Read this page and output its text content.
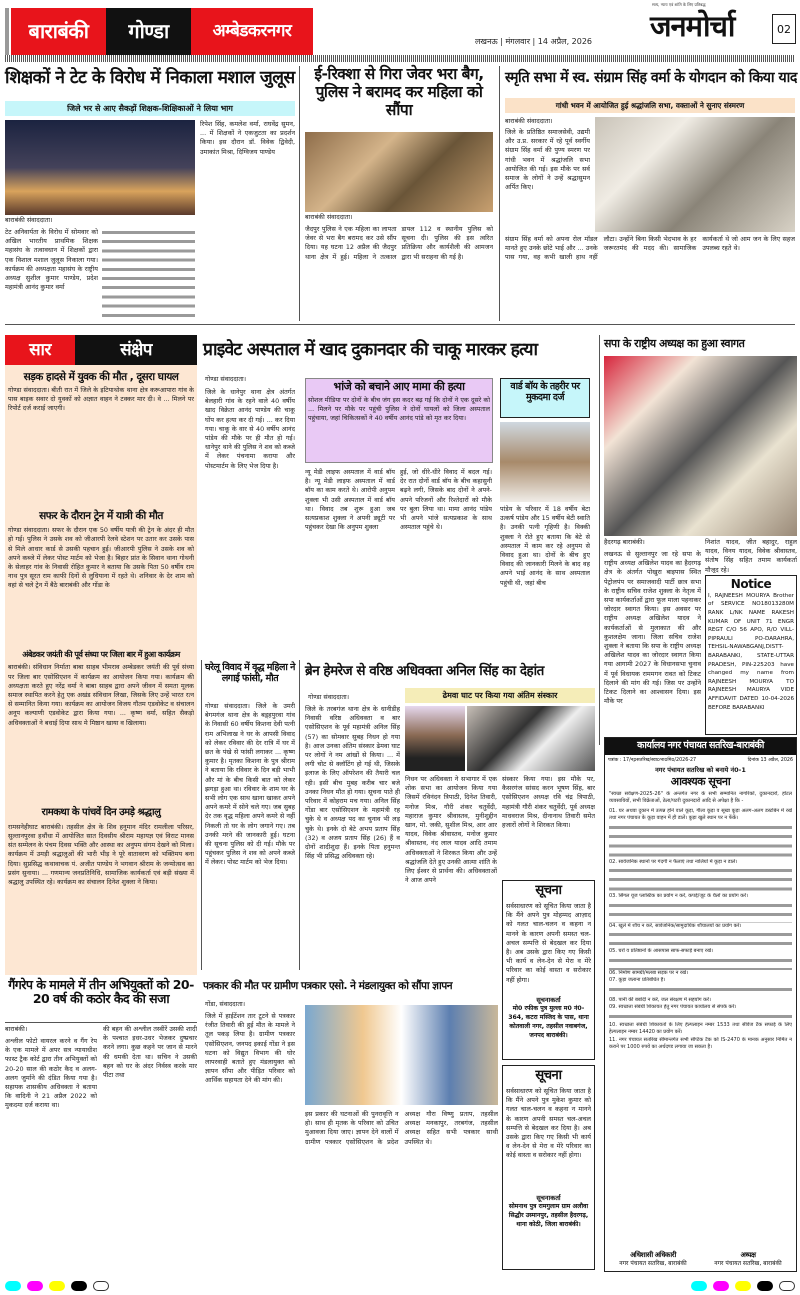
बाराबंकी	गोण्डा	अम्बेडकरनगर
लखनऊ | मंगलवार | 14 अप्रैल, 2026
सत्य, न्याय एवं शांति के लिए प्रतिबद्ध
जनमोर्चा	02
शिक्षकों ने टेट के विरोध में निकाला मशाल जुलूस
जिले भर से आए सैकड़ों शिक्षक-शिक्षिकाओं ने लिया भाग
बाराबंकी संवाददाता।
टेट अनिवार्यता के विरोध में सोमवार को अखिल भारतीय प्राथमिक शिक्षक महासंघ के तत्वावधान में शिक्षकों द्वारा एक विशाल मशाल जुलूस निकाला गया। कार्यक्रम की अध्यक्षता महासंघ के राष्ट्रीय अध्यक्ष सुशील कुमार पाण्डेय, प्रदेश महामंत्री आनंद कुमार वर्मा
रिपेश सिंह, कमलेश वर्मा, राघवेंद्र सुमन, ... में शिक्षकों ने एकजुटता का प्रदर्शन किया। इस दौरान डॉ. विवेक द्विवेदी, उमाकांत मिश्रा, दिग्विजय पाण्डेय
ई-रिक्शा से गिरा जेवर भरा बैग, पुलिस ने बरामद कर महिला को सौंपा
बाराबंकी संवाददाता।
जैदपुर पुलिस ने एक महिला का लापता जेवर से भरा बैग बरामद कर उसे सौंप दिया। यह घटना 12 अप्रैल की जैदपुर थाना क्षेत्र में हुई। महिला ने तत्काल डायल 112 व स्थानीय पुलिस को सूचना दी। पुलिस की इस त्वरित प्रतिक्रिया और कार्यशैली की आमजन द्वारा भी सराहना की गई है।
स्मृति सभा में स्व. संग्राम सिंह वर्मा के योगदान को किया याद
गांधी भवन में आयोजित हुई श्रद्धांजलि सभा, वक्ताओं ने सुनाए संस्मरण
बाराबंकी संवाददाता।
जिले के प्रतिष्ठित समाजसेवी, उद्यमी और उ.प्र. सरकार में रहे पूर्व स्वर्गीय संग्राम सिंह वर्मा की पुण्य स्मरण पर गांधी भवन में श्रद्धांजलि सभा आयोजित की गई। इस मौके पर सर्व समाज के लोगों ने उन्हें श्रद्धासुमन अर्पित किए।
संग्राम सिंह वर्मा को अपना रोल मॉडल मानते हुए उनके छोटे भाई और ... उनके पास गया, वह कभी खाली हाथ नहीं लौटा। उन्होंने बिना किसी भेदभाव के हर जरूरतमंद की मदद की। सामाजिक कार्यकर्ता थे जो आम जन के लिए सहज उपलब्ध रहते थे।
सार	संक्षेप
सड़क हादसे में युवक की मौत , दूसरा घायल
गोण्डा संवाददाता। बीती रात में जिले के इटियाथोक थाना क्षेत्र करूआपारा गांव के पास बाइक सवार दो युवकों को अज्ञात वाहन ने टक्कर मार दी। वे ... मिलने पर रिपोर्ट दर्ज कराई जाएगी।
सफर के दौरान ट्रेन में यात्री की मौत
गोण्डा संवाददाता। सफर के दौरान एक 50 वर्षीय यात्री की ट्रेन के अंदर ही मौत हो गई। पुलिस ने उसके शव को जीआरपी रेलवे स्टेशन पर उतार कर उसके पास से मिले आधार कार्ड से उसकी पहचान हुई। जीआरपी पुलिस ने उसके शव को अपने कब्जे में लेकर पोस्ट मार्टम को भेजा है। बिहार प्रांत के सिवान थाना गोथनी के सेलाहर गांव के निवासी रोहित कुमार ने बताया कि उसके पिता 50 वर्षीय राम नाथ पुत्र सूरत राम काफी दिनों से लुधियाना में रहते थे। शनिवार के देर शाम को वहां से चले ट्रेन में बैठे बाराबंकी और गोंडा के
अंबेडकर जयंती की पूर्व संध्या पर जिला बार में हुआ कार्यक्रम
बाराबंकी। संविधान निर्माता बाबा साहब भीमराव अम्बेडकर जयंती की पूर्व संध्या पर जिला बार एसोसिएशन में कार्यक्रम का आयोजन किया गया। कार्यक्रम की अध्यक्षता करते हुए नरेंद्र वर्मा ने बाबा साहब द्वारा अपने जीवन में समता मूलक समाज स्थापित करने हेतु एक अखंड संविधान लिखा, जिसके लिए उन्हें भारत रत्न से सम्मानित किया गया। कार्यक्रम का आयोजन विजय गौतम एडवोकेट व संचालन अनूप कल्याणी एडवोकेट द्वारा किया गया। ... कृष्ण वर्मा, सहित सैकड़ो अधिवक्ताओं ने बधाई दिया साथ मे मिष्ठान खाया व खिलाया।
रामकथा के पांचवें दिन उमड़े श्रद्धालु
रामसनेहीघाट बाराबंकी। तहसील क्षेत्र के शिव हनुमान मंदिर रामलीला परिसर, सुल्तानपुरवा हथौंधा में आयोजित सात दिवसीय श्रीराम महायज्ञ एवं विराट मानस संत सम्मेलन के पंचम दिवस भक्ति और आस्था का अनुपम संगम देखने को मिला। कार्यक्रम में उमड़ी श्रद्धालुओं की भारी भीड़ ने पूरे वातावरण को भक्तिमय बना दिया। सुप्रसिद्ध कथावाचक पं. अजीत पाण्डेय ने भगवान श्रीराम के जन्मोत्सव का प्रसंग सुनाया। ... गणमान्य जनप्रतिनिधि, सामाजिक कार्यकर्ता एवं बड़ी संख्या में श्रद्धालु उपस्थित रहे। कार्यक्रम का संचालन दिनेश शुक्ला ने किया।
प्राइवेट अस्पताल में खाद दुकानदार की चाकू मारकर हत्या
गोण्डा संवाददाता।
जिले के धानेपुर थाना क्षेत्र अंतर्गत बेलहारी गांव के रहने वाले 40 वर्षीय खाद विक्रेता आनंद पाण्डेय की चाकू घोंप कर हत्या कर दी गई। ... कर दिया गया। चाकू के वार से 40 वर्षीय आनंद पांडेय की मौके पर ही मौत हो गई। धानेपुर थाने की पुलिस ने शव को कब्जे में लेकर पंचनामा कराया और पोस्टमार्टम के लिए भेज दिया है।
भांजे को बचाने आए मामा की हत्या
सोशल मीडिया पर दोनों के बीच जंग इस कदर बढ़ गई कि दोनों ने एक दूसरे को ... मिलने पर मौके पर पहुंची पुलिस ने दोनों घायलों को जिला अस्पताल पहुंचाया, जहां चिकित्सकों ने 40 वर्षीय आनंद पांडे को मृत कर दिया।
न्यू मेडी लाइफ अस्पताल में वार्ड बॉय है। न्यू मेडी लाइफ अस्पताल में वार्ड बॉय का काम करते थे। आरोपी अनुपम शुक्ला भी उसी अस्पताल में वार्ड बॉय था। विवाद तब शुरू हुआ जब सत्यप्रकाश शुक्ला ने अपनी ड्यूटी पर पहुंचकर देखा कि अनुपम शुक्ला
हुई, जो धीरे-धीरे विवाद में बदल गई। देर रात दोनों वार्ड बॉय के बीच कहासुनी बढ़ने लगी, जिसके बाद दोनों ने अपने-अपने परिजनों और रिश्तेदारों को मौके पर बुला लिया था। मामा आनंद पांडेय भी अपने भांजे सत्यप्रकाश के साथ अस्पताल पहुंचे थे।
वार्ड बॉय के तहरीर पर मुकदमा दर्ज
पांडेय के परिवार में 18 वर्षीय बेटा उत्कर्ष पांडेय और 15 वर्षीय बेटी स्वाति है। उनकी पत्नी गृहिणी है। विक्की शुक्ला ने रोते हुए बताया कि बेटे से अस्पताल में काम कर रहे अनुपम से विवाद हुआ था। दोनों के बीच हुए विवाद की जानकारी मिलने के बाद वह अपने भाई आनंद के साथ अस्पताल पहुंची थी, जहां बीच
घरेलू विवाद में वृद्ध महिला ने लगाई फांसी, मौत
गोण्डा संवाददाता। जिले के उमरी बेगमगंज थाना क्षेत्र के बड़्हपुरवा गांव के निवासी 60 वर्षीय किशना देवी पत्नी राम अभिलाख ने घर के आपसी विवाद को लेकर रविवार की देर रात्रि में घर में छत के पंखे से फांसी लगाकर ... कृष्ण कुमार है। मृतका किशना के पुत्र श्रीराम ने बताया कि रविवार के दिन बड़ी भाभी और मां के बीच किसी बात को लेकर झगड़ा हुआ था। रविवार के शाम घर के सभी लोग एक साथ खाना खाकर अपने अपने कमरे में सोने चले गए। जब सुबह देर तक वृद्ध महिला अपने कमरे से नहीं निकली तो घर के लोग जगाने गए। तब उनकी मरने की जानकारी हुई। घटना की सूचना पुलिस को दी गई। मौके पर पहुंचकर पुलिस ने शव को अपने कब्जे में लेकर। पोस्ट मार्टम को भेज दिया।
ब्रेन हेमरेज से वरिष्ठ अधिवक्ता अनिल सिंह का देहांत
गोण्डा संवाददाता।	ढेमवा घाट पर किया गया अंतिम संस्कार
जिले के तरबगंज थाना क्षेत्र के धानीडीह निवासी वरिष्ठ अधिवक्ता व बार एसोसिएशन के पूर्व महामंत्री अनिल सिंह (57) का सोमवार सुबह निधन हो गया है। आज उनका अंतिम संस्कार ढेमवा घाट पर लोगों ने नम आंखों से किया। ... में लगी चोट से क्लॉटिंग हो गई थी, जिसके इलाज के लिए ऑपरेशन की तैयारी चल रही। इसी बीच मुबह करीब चार बजे उनका निधन मौत हो गया। सूचना पाते ही परिवार में कोहराम मच गया। अनिल सिंह गोंडा बार एसोसिएशन के महामंत्री रह चुके थे व अध्यक्ष पद का चुनाव भी लड़ चुके थे। इनके दो बेटे अभय प्रताप सिंह (32) व अजय प्रताप सिंह (26) हैं व दोनों शादीशुदा हैं। इनके पिता हनुमन्त सिंह भी प्रसिद्ध अधिवक्ता रहे।
निधन पर अधिवक्ता ने सभागार में एक शोक सभा का आयोजन किया गया जिसमें रविनंदन त्रिपाठी, दिनेश तिवारी, मनोज मिश्र, गौरी शंकर चतुर्वेदी, महाराज कुमार श्रीवास्तव, मुनीशुद्दीन खान, मो. जकी, सुशील मिश्र, आर आर यादव, विवेक श्रीवास्तव, मनोज कुमार श्रीवास्तव, नंद लाल यादव आदि तमाम अधिवक्ताओं ने शिरकत किया और उन्हें श्रद्धांजलि देते हुए उनकी आत्मा शांति के लिए ईश्वर से प्रार्थना की। अधिवक्ताओं ने आज अपने
संस्कार किया गया। इस मौके पर, कैसरगंज सांसद करन भूषण सिंह, बार एसोसिएशन अध्यक्ष रवि चंद्र त्रिपाठी, महामंत्री गौरी शंकर चतुर्वेदी, पूर्व अध्यक्ष माधवराज मिश्र, दीनानाथ तिवारी समेत हजारों लोगों ने शिरकत किया।
सूचना
सर्वसाधारण को सूचित किया जाता है कि मैंने अपने पुत्र मोहम्मद आज़ाद को गलत चाल-चलन व कहना न मानने के कारण अपनी समस्त चल-अचल सम्पत्ति से बेदखल कर दिया है। अब उसके द्वारा किए गए किसी भी कार्य व लेन-देन से मेरा व मेरे परिवार का कोई वास्ता व सरोकार नहीं होगा।
सूचनाकर्ता
मो0 रफीक पुत्र मुल्ला म0 नं0-364, कटरा मस्जिद के पास, थाना कोतवाली नगर, तहसील नवाबगंज, जनपद बाराबंकी।
सूचना
सर्वसाधारण को सूचित किया जाता है कि मैंने अपने पुत्र मुकेश कुमार को गलत चाल-चलन व कहना न मानने के कारण अपनी समस्त चल-अचल सम्पत्ति से बेदखल कर दिया है। अब उसके द्वारा किए गए किसी भी कार्य व लेन-देन से मेरा व मेरे परिवार का कोई वास्ता व सरोकार नहीं होगा।
सूचनाकर्ता
सोमनाथ पुत्र रामगुलाम ग्राम अलौवा सिद्धौर उस्मानपुर, तहसील हैदरगढ़, थाना कोठी, जिला बाराबंकी।
गैंगरेप के मामले में तीन अभियुक्तों को 20-20 वर्ष की कठोर कैद की सजा
बाराबंकी।
अश्लील फोटो वायरल करने व गैंग रेप के एक मामले में अपर सत्र न्यायाधीश फास्ट ट्रैक कोर्ट द्वारा तीन अभियुक्तों को 20-20 साल की कठोर कैद व अलग-अलग जुर्माने की दंडित किया गया है। सहायक शासकीय अधिवक्ता ने बताया कि वादिनी ने 21 अप्रैल 2022 को मुकदमा दर्ज कराया था।
की बहन की अश्लील तस्वीरें उसकी शादी के पश्चात इधर-उधर भेजकर दुष्प्रचार करने लगा। कुछ कहने पर जान से मारने की धमकी देता था। सचिन ने उसकी बहन को घर के अंदर निर्वस्त्र करके मार पीटा तथा
पत्रकार की मौत पर ग्रामीण पत्रकार एसो. ने मंडलायुक्त को सौंपा ज्ञापन
गोंडा, संवाददाता।
जिले में हाईटेंशन तार टूटने से पत्रकार रंजीत तिवारी की हुई मौत के मामले ने तूल पकड़ लिया है। ग्रामीण पत्रकार एसोसिएशन, जनपद इकाई गोंडा ने इस घटना को विद्युत विभाग की घोर लापरवाही बताते हुए मंडलायुक्त को ज्ञापन सौंपा और पीड़ित परिवार को आर्थिक सहायता देने की मांग की।
इस प्रकार की घटनाओं की पुनरावृत्ति न हो। साथ ही मृतक के परिवार को उचित मुआवजा दिया जाए। ज्ञापन देने वालों में ग्रामीण पत्रकार एसोसिएशन के प्रदेश अध्यक्ष गौरा विष्णु प्रताप, तहसील अध्यक्ष मनकापुर, तरबगंज, तहसील अध्यक्ष सहित सभी पत्रकार साथी उपस्थित थे।
सपा के राष्ट्रीय अध्यक्ष का हुआ स्वागत
हैदरगढ़ बाराबंकी।
लखनऊ से सुल्तानपुर जा रहे सपा के राष्ट्रीय अध्यक्ष अखिलेश यादव का हैदरगढ़ क्षेत्र के अंतर्गत पोखुरा बाइपास स्थित पेट्रोलपंप पर समाजवादी पार्टी छात्र सभा के राष्ट्रीय सचिव राजेश शुक्ला के नेतृत्व में सपा कार्यकर्ताओं द्वारा फूल माला पहनाकर जोरदार स्वागत किया। इस अवसर पर राष्ट्रीय अध्यक्ष अखिलेश यादव ने कार्यकर्ताओं से मुलाकात की और कुशलक्षेम जाना। जिला सचिव राजेश शुक्ला ने बताया कि सपा के राष्ट्रीय अध्यक्ष अखिलेश यादव का जोरदार स्वागत किया गया आगामी 2027 के विधानसभा चुनाव में पूर्व विधायक राममगन रावत को टिकट दिलाने की मांग की गई। जिस पर उन्होंने टिकट दिलाने का आश्वासन दिया। इस मौके पर
निशांत यादव, जीत बहादुर, राहुल यादव, विनय यादव, विवेक श्रीवास्तव, संतोष सिंह सहित तमाम कार्यकर्ता मौजूद रहे।
Notice
I, RAJNEESH MOURYA Brother of SERVICE NO18013280M RANK L/NK NAME RAKESH KUMAR OF UNIT 71 ENGR REGT C/O 56 APO, R/O VILL-PIPRAULI PO-DARAHRA, TEHSIL-NAWABGANJ,DISTT-BARABANKI, STATE-UTTAR PRADESH, PIN-225203 have changed my name from RAJNEESH MOURYA TO RAJNEESH MAURYA VIDE AFFIDAVIT DATED 10-04-2026 BEFORE BARABANKI
कार्यालय नगर पंचायत सतरिख-बाराबंकी
पत्रांक : 17/नpसतरिख/स्वाoभाoमिo/2026-27	दिनांक 13 अप्रैल, 2026
नगर पंचायत सतरिख को बनाये नं0-1
आवश्यक सूचना
"स्वच्छ सर्वेक्षण-2025-26" के अन्तर्गत नगर के सभी सम्मानित नागरिकों, दुकानदारों, होटल व्यवसायियों, सभी विक्रेताओं, ठेला/पटरी दुकानदारों आदि से अपेक्षा है कि -
01. घर अथवा दुकान में उत्पन्न होने वाले कूड़ा, गीला कूड़ा व सूखा कूड़ा अलग-अलग डस्टबिन में रखें तथा नगर पंचायत के कूड़ा वाहन में ही डालें। कूड़ा खुले स्थान पर न फेंकें।
02. सार्वजनिक स्थानों पर गंदगी न फैलाएं तथा नालियों में कूड़ा न डालें।
03. सिंगल यूज प्लास्टिक का प्रयोग न करें, कपड़े/जूट के थैलों का प्रयोग करें।
04. खुले में शौच न करें, सार्वजनिक/सामुदायिक शौचालयों का प्रयोग करें।
05. घरों व प्रतिष्ठानों के आसपास साफ-सफाई बनाए रखें।
06. निर्माण सामग्री/मलबा सड़क पर न रखें।
07. कूड़ा जलाना प्रतिबंधित है।
08. पानी की बर्बादी न करें, जल संरक्षण में सहयोग करें।
09. स्वच्छता संबंधी शिकायत हेतु नगर पंचायत कार्यालय से संपर्क करें।
10. स्वच्छता संबंधी शिकायतों के लिए हेल्पलाइन नम्बर 1533 तथा सीवेज टैंक सफाई के लिए हेल्पलाइन नम्बर 14420 का प्रयोग करें।
11. नगर पंचायत सतरिख सीमान्तर्गत सभी सेप्टिक टैंक को IS-2470 के मानक अनुसार निर्मित न कराने पर 1000 रुपये का अर्थदण्ड लगाया जा सकता है।
अधिशासी अधिकारी
नगर पंचायत सतरिख, बाराबंकी
अध्यक्ष
नगर पंचायत सतरिख, बाराबंकी
